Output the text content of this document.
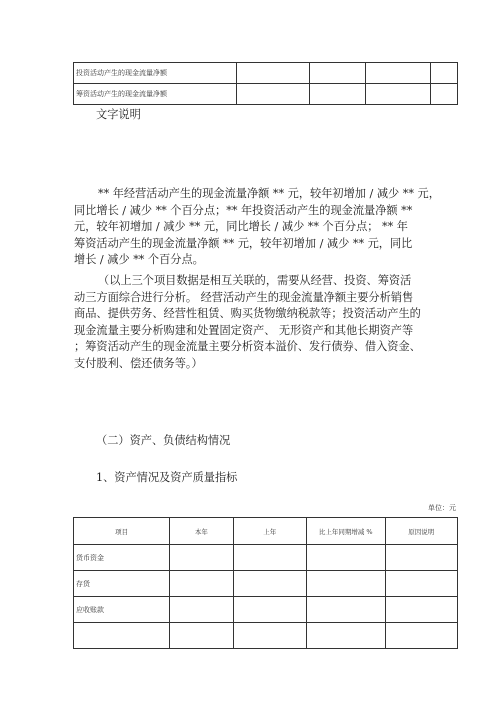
投资活动产生的现金流量净额				
筹资活动产生的现金流量净额				
文字说明
** 年经营活动产生的现金流量净额 ** 元，较年初增加 / 减少 ** 元，
同比增长 / 减少 ** 个百分点；** 年投资活动产生的现金流量净额 **
元，较年初增加 / 减少 ** 元，同比增长 / 减少 ** 个百分点； ** 年
筹资活动产生的现金流量净额 ** 元，较年初增加 / 减少 ** 元，同比
增长 / 减少 ** 个百分点。
（以上三个项目数据是相互关联的，需要从经营、投资、筹资活
动三方面综合进行分析。 经营活动产生的现金流量净额主要分析销售
商品、提供劳务、经营性租赁、购买货物缴纳税款等；投资活动产生的
现金流量主要分析购建和处置固定资产、 无形资产和其他长期资产等
；筹资活动产生的现金流量主要分析资本溢价、发行债券、借入资金、
支付股利、偿还债务等。）
（二）资产、负债结构情况
1、资产情况及资产质量指标
单位：元
项目	本年	上年	比上年同期增减 %	原因说明
货币资金				
存货				
应收账款				
